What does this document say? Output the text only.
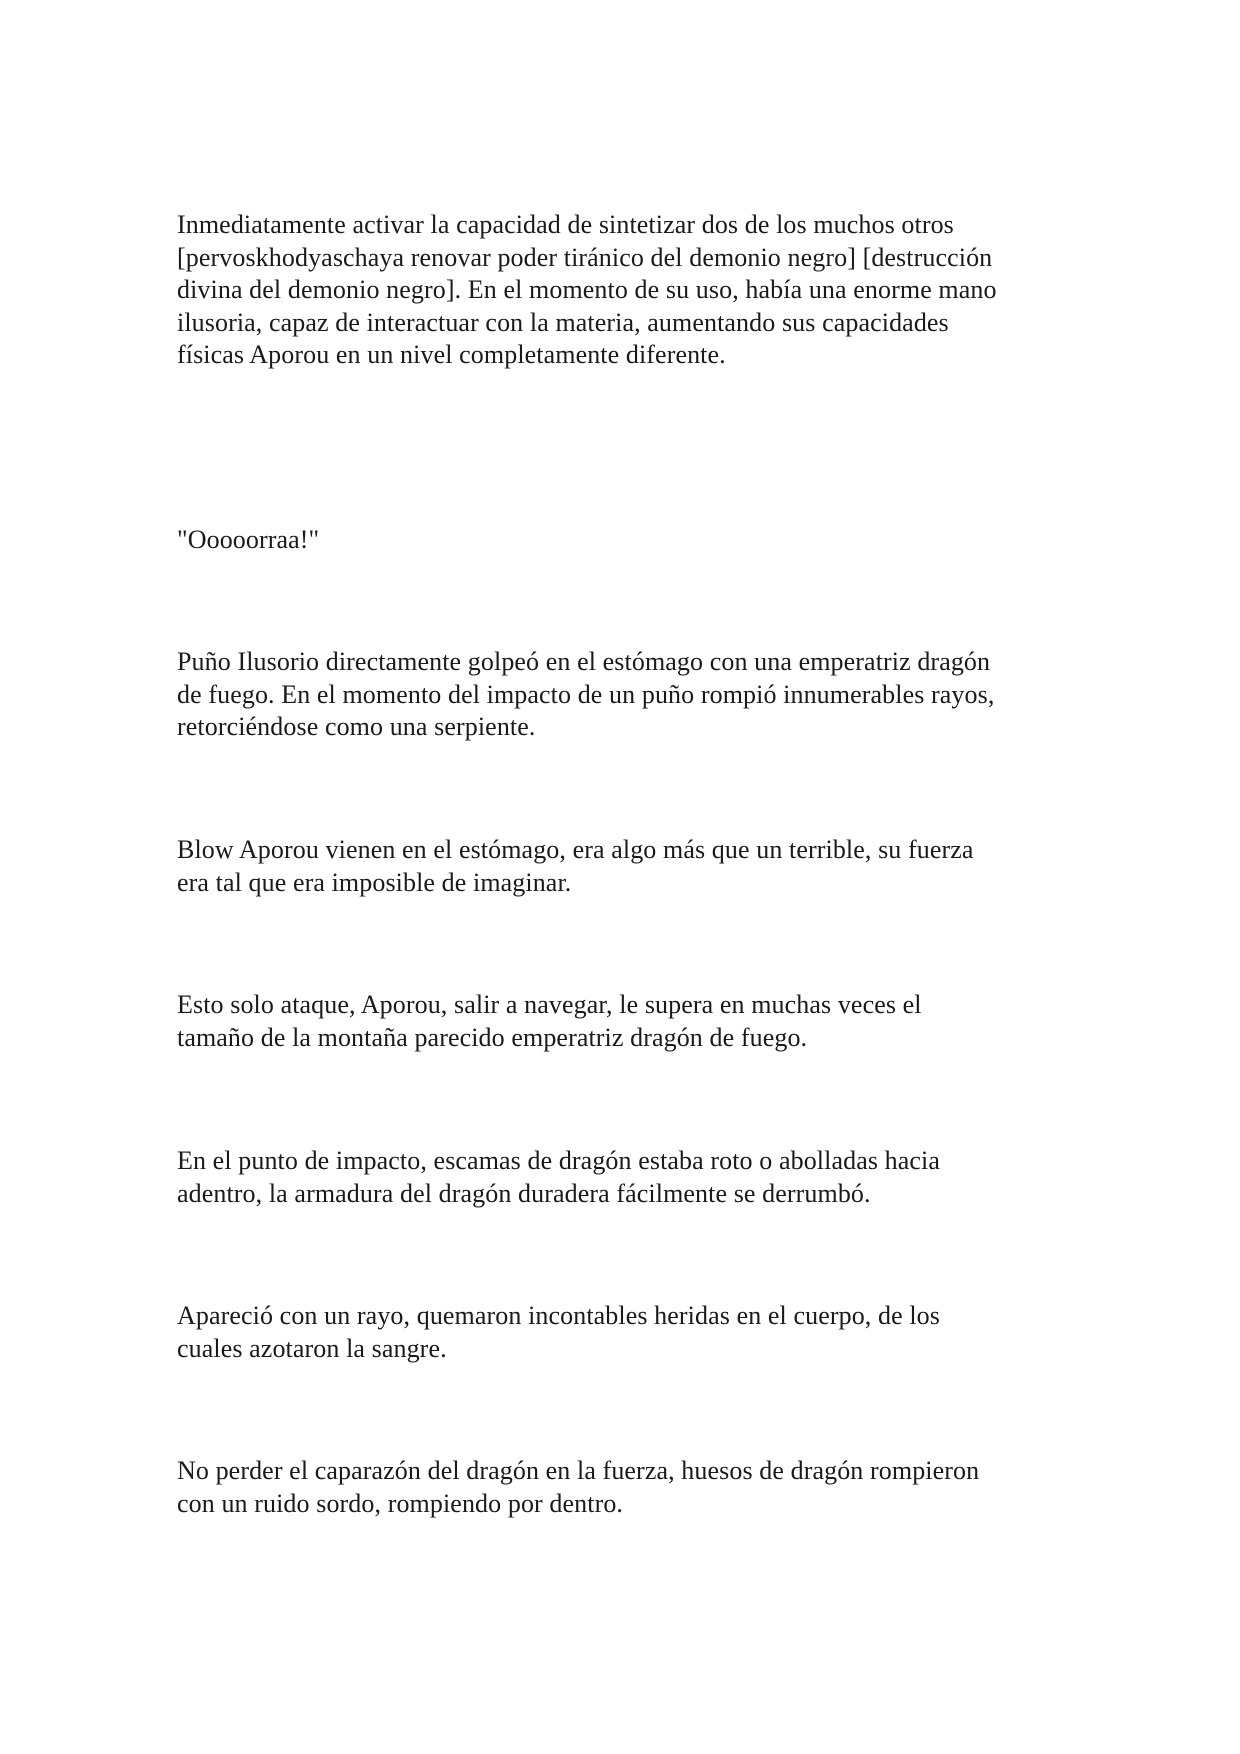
Inmediatamente activar la capacidad de sintetizar dos de los muchos otros
[pervoskhodyaschaya renovar poder tiránico del demonio negro] [destrucción
divina del demonio negro]. En el momento de su uso, había una enorme mano
ilusoria, capaz de interactuar con la materia, aumentando sus capacidades
físicas Aporou en un nivel completamente diferente.

"Ooooorraa!"

Puño Ilusorio directamente golpeó en el estómago con una emperatriz dragón
de fuego. En el momento del impacto de un puño rompió innumerables rayos,
retorciéndose como una serpiente.

Blow Aporou vienen en el estómago, era algo más que un terrible, su fuerza
era tal que era imposible de imaginar.

Esto solo ataque, Aporou, salir a navegar, le supera en muchas veces el
tamaño de la montaña parecido emperatriz dragón de fuego.

En el punto de impacto, escamas de dragón estaba roto o abolladas hacia
adentro, la armadura del dragón duradera fácilmente se derrumbó.

Apareció con un rayo, quemaron incontables heridas en el cuerpo, de los
cuales azotaron la sangre.

No perder el caparazón del dragón en la fuerza, huesos de dragón rompieron
con un ruido sordo, rompiendo por dentro.
